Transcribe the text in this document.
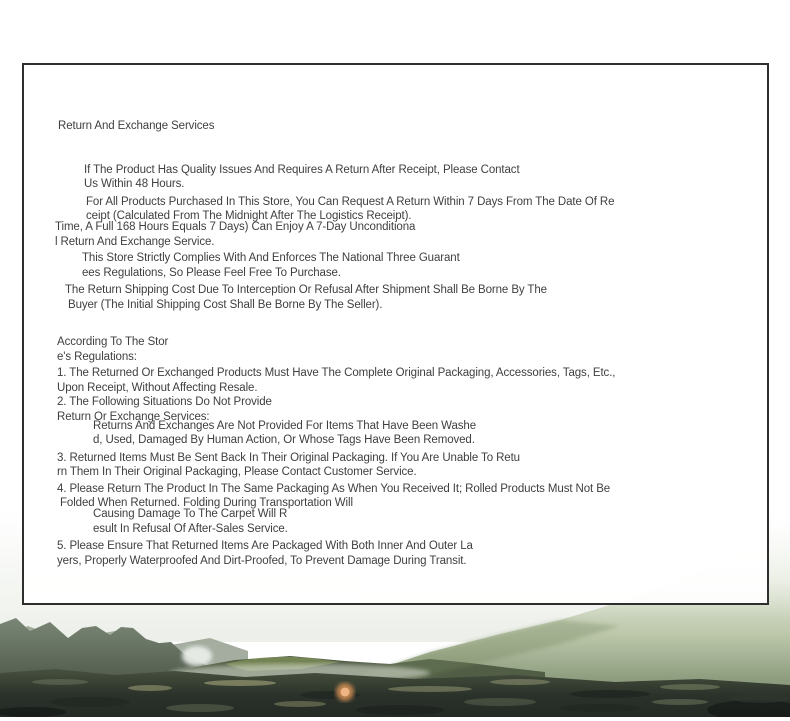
Return And Exchange Services
If The Product Has Quality Issues And Requires A Return After Receipt, Please Contact
Us Within 48 Hours.
For All Products Purchased In This Store, You Can Request A Return Within 7 Days From The Date Of Re
ceipt (Calculated From The Midnight After The Logistics Receipt).
Time, A Full 168 Hours Equals 7 Days) Can Enjoy A 7-Day Unconditiona
l Return And Exchange Service.
This Store Strictly Complies With And Enforces The National Three Guarant
ees Regulations, So Please Feel Free To Purchase.
The Return Shipping Cost Due To Interception Or Refusal After Shipment Shall Be Borne By The
Buyer (The Initial Shipping Cost Shall Be Borne By The Seller).
According To The Stor
e's Regulations:
1. The Returned Or Exchanged Products Must Have The Complete Original Packaging, Accessories, Tags, Etc.,
Upon Receipt, Without Affecting Resale.
2. The Following Situations Do Not Provide
Return Or Exchange Services:
Returns And Exchanges Are Not Provided For Items That Have Been Washe
d, Used, Damaged By Human Action, Or Whose Tags Have Been Removed.
3. Returned Items Must Be Sent Back In Their Original Packaging. If You Are Unable To Retu
rn Them In Their Original Packaging, Please Contact Customer Service.
4. Please Return The Product In The Same Packaging As When You Received It; Rolled Products Must Not Be
Folded When Returned. Folding During Transportation Will
Causing Damage To The Carpet Will R
esult In Refusal Of After-Sales Service.
5. Please Ensure That Returned Items Are Packaged With Both Inner And Outer La
yers, Properly Waterproofed And Dirt-Proofed, To Prevent Damage During Transit.
